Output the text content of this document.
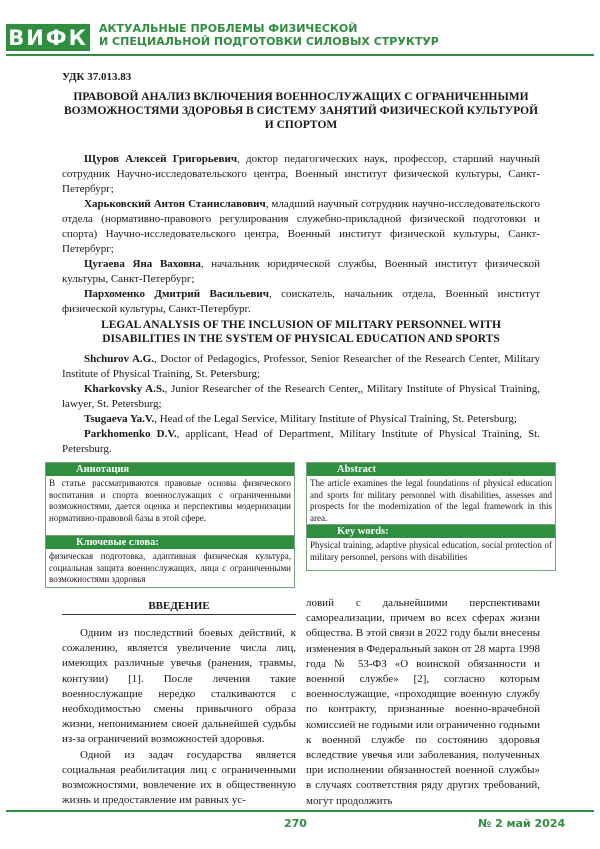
ВИФК АКТУАЛЬНЫЕ ПРОБЛЕМЫ ФИЗИЧЕСКОЙ
И СПЕЦИАЛЬНОЙ ПОДГОТОВКИ СИЛОВЫХ СТРУКТУР
УДК 37.013.83
ПРАВОВОЙ АНАЛИЗ ВКЛЮЧЕНИЯ ВОЕННОСЛУЖАЩИХ С ОГРАНИЧЕННЫМИ ВОЗМОЖНОСТЯМИ ЗДОРОВЬЯ В СИСТЕМУ ЗАНЯТИЙ ФИЗИЧЕСКОЙ КУЛЬТУРОЙ И СПОРТОМ

Щуров Алексей Григорьевич, доктор педагогических наук, профессор, старший научный сотрудник Научно-исследовательского центра, Военный институт физической культуры, Санкт-Петербург;

Харьковский Антон Станиславович, младший научный сотрудник научно-исследовательского отдела (нормативно-правового регулирования служебно-прикладной физической подготовки и спорта) Научно-исследовательского центра, Военный институт физической культуры, Санкт-Петербург;

Цугаева Яна Ваховна, начальник юридической службы, Военный институт физической культуры, Санкт-Петербург;

Пархоменко Дмитрий Васильевич, соискатель, начальник отдела, Военный институт физической культуры, Санкт-Петербург.

LEGAL ANALYSIS OF THE INCLUSION OF MILITARY PERSONNEL WITH DISABILITIES IN THE SYSTEM OF PHYSICAL EDUCATION AND SPORTS

Shchurov A.G., Doctor of Pedagogics, Professor, Senior Researcher of the Research Center, Military Institute of Physical Training, St. Petersburg;

Kharkovsky A.S., Junior Researcher of the Research Center,, Military Institute of Physical Training, lawyer, St. Petersburg;

Tsugaeva Ya.V., Head of the Legal Service, Military Institute of Physical Training, St. Petersburg;

Parkhomenko D.V., applicant, Head of Department, Military Institute of Physical Training, St. Petersburg.

Аннотация
В статье рассматриваются правовые основы физического воспитания и спорта военнослужащих с ограниченными возможностями, дается оценка и перспективы модернизации нормативно-правовой базы в этой сфере.
Ключевые слова:
физическая подготовка, адаптивная физическая культура, социальная защита военнослужащих, лица с ограниченными возможностями здоровья
Abstract
The article examines the legal foundations of physical education and sports for military personnel with disabilities, assesses and prospects for the modernization of the legal framework in this area.
Key words:
Physical training, adaptive physical education, social protection of military personnel, persons with disabilities
ВВЕДЕНИЕ

Одним из последствий боевых действий, к сожалению, является увеличение числа лиц, имеющих различные увечья (ранения, травмы, контузии) [1]. После лечения такие военнослужащие нередко сталкиваются с необходимостью смены привычного образа жизни, непониманием своей дальнейшей судьбы из-за ограничений возможностей здоровья.

Одной из задач государства является социальная реабилитация лиц с ограниченными возможностями, вовлечение их в общественную жизнь и предоставление им равных ус-

ловий с дальнейшими перспективами самореализации, причем во всех сферах жизни общества. В этой связи в 2022 году были внесены изменения в Федеральный закон от 28 марта 1998 года № 53-ФЗ «О воинской обязанности и военной службе» [2], согласно которым военнослужащие, «проходящие военную службу по контракту, признанные военно-врачебной комиссией не годными или ограниченно годными к военной службе по состоянию здоровья вследствие увечья или заболевания, полученных при исполнении обязанностей военной службы» в случаях соответствия ряду других требований, могут продолжить

270	№ 2 май 2024
